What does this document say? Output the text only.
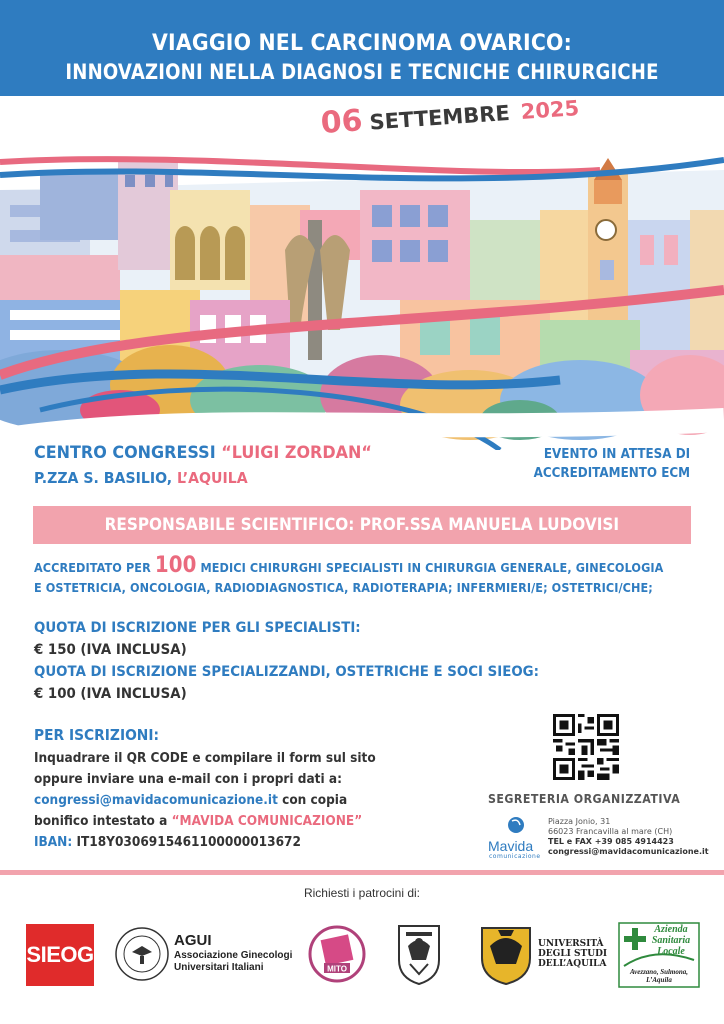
VIAGGIO NEL CARCINOMA OVARICO:
INNOVAZIONI NELLA DIAGNOSI E TECNICHE CHIRURGICHE
06 SETTEMBRE 2025
CENTRO CONGRESSI “LUIGI ZORDAN“
P.ZZA S. BASILIO, L’AQUILA
EVENTO IN ATTESA DI
ACCREDITAMENTO ECM
RESPONSABILE SCIENTIFICO: PROF.SSA MANUELA LUDOVISI
ACCREDITATO PER 100 MEDICI CHIRURGHI SPECIALISTI IN CHIRURGIA GENERALE, GINECOLOGIA
E OSTETRICIA, ONCOLOGIA, RADIODIAGNOSTICA, RADIOTERAPIA; INFERMIERI/E; OSTETRICI/CHE;
QUOTA DI ISCRIZIONE PER GLI SPECIALISTI:
€ 150 (IVA INCLUSA)
QUOTA DI ISCRIZIONE SPECIALIZZANDI, OSTETRICHE E SOCI SIEOG:
€ 100 (IVA INCLUSA)
PER ISCRIZIONI:
Inquadrare il QR CODE e compilare il form sul sito
oppure inviare una e-mail con i propri dati a:
congressi@mavidacomunicazione.it con copia
bonifico intestato a “MAVIDA COMUNICAZIONE”
IBAN: IT18Y0306915461100000013672
SEGRETERIA ORGANIZZATIVA
Mavida
comunicazione
Piazza Jonio, 31
66023 Francavilla al mare (CH)
TEL e FAX +39 085 4914423
congressi@mavidacomunicazione.it
Richiesti i patrocini di:
SIEOG
AGUI
Associazione Ginecologi
Universitari Italiani	MITO
UNIVERSITÀ
DEGLI STUDI
DELL’AQUILA
Azienda
Sanitaria
Locale
Avezzano, Sulmona,
L’Aquila
